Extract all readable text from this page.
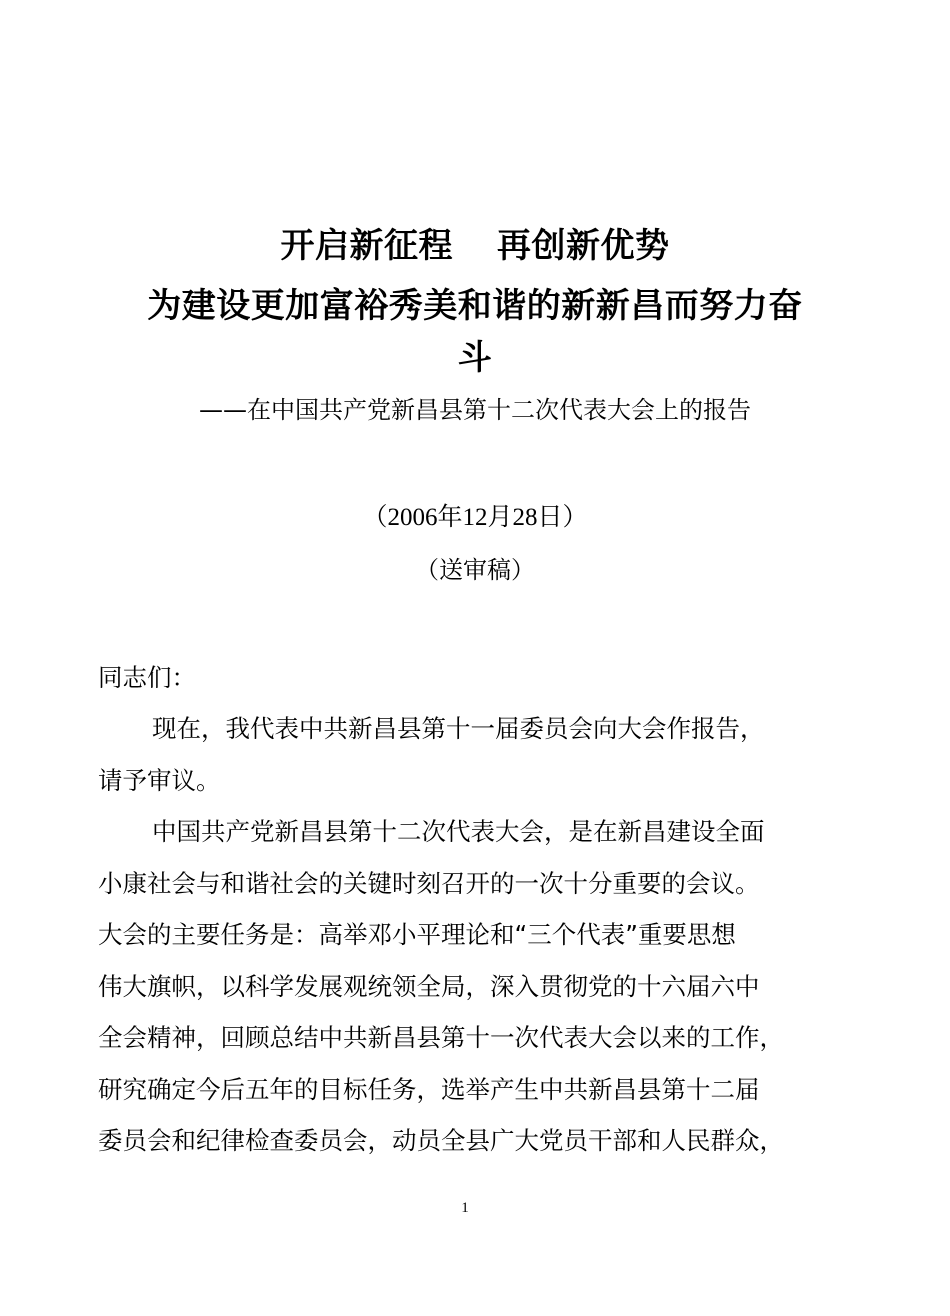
开启新征程 再创新优势
为建设更加富裕秀美和谐的新新昌而努力奋
斗
——在中国共产党新昌县第十二次代表大会上的报告
（2006年12月28日）
（送审稿）
同志们：
现在，我代表中共新昌县第十一届委员会向大会作报告，
请予审议。
中国共产党新昌县第十二次代表大会，是在新昌建设全面
小康社会与和谐社会的关键时刻召开的一次十分重要的会议。
大会的主要任务是：高举邓小平理论和“三个代表”重要思想
伟大旗帜，以科学发展观统领全局，深入贯彻党的十六届六中
全会精神，回顾总结中共新昌县第十一次代表大会以来的工作，
研究确定今后五年的目标任务，选举产生中共新昌县第十二届
委员会和纪律检查委员会，动员全县广大党员干部和人民群众，
1
